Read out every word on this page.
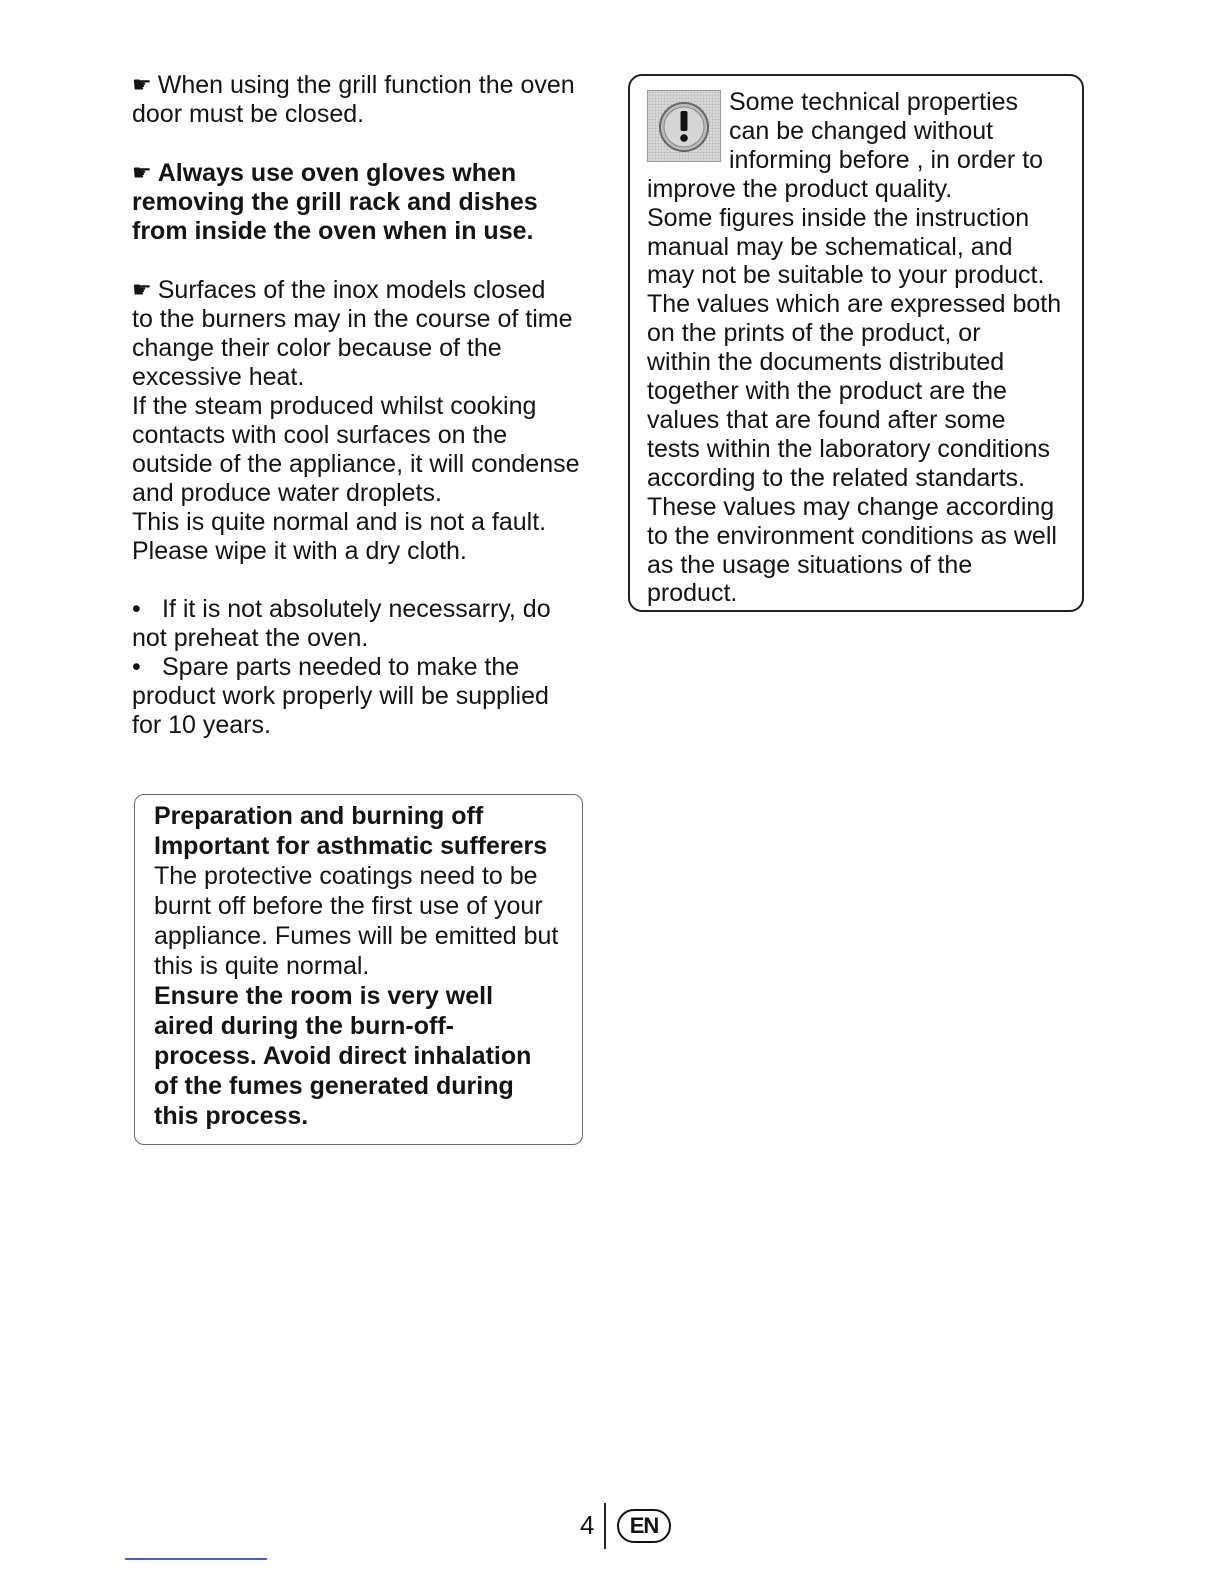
☛ When using the grill function the oven
door must be closed.

☛ Always use oven gloves when
removing the grill rack and dishes
from inside the oven when in use.

☛ Surfaces of the inox models closed
to the burners may in the course of time
change their color because of the
excessive heat.
If the steam produced whilst cooking
contacts with cool surfaces on the
outside of the appliance, it will condense
and produce water droplets.
This is quite normal and is not a fault.
Please wipe it with a dry cloth.

• If it is not absolutely necessarry, do
not preheat the oven.
• Spare parts needed to make the
product work properly will be supplied
for 10 years.

Preparation and burning off
Important for asthmatic sufferers
The protective coatings need to be
burnt off before the first use of your
appliance. Fumes will be emitted but
this is quite normal.
Ensure the room is very well
aired during the burn-off-
process. Avoid direct inhalation
of the fumes generated during
this process.
Some technical properties
can be changed without
informing before , in order to
improve the product quality.
Some figures inside the instruction
manual may be schematical, and
may not be suitable to your product.
The values which are expressed both
on the prints of the product, or
within the documents distributed
together with the product are the
values that are found after some
tests within the laboratory conditions
according to the related standarts.
These values may change according
to the environment conditions as well
as the usage situations of the
product.
4	EN
